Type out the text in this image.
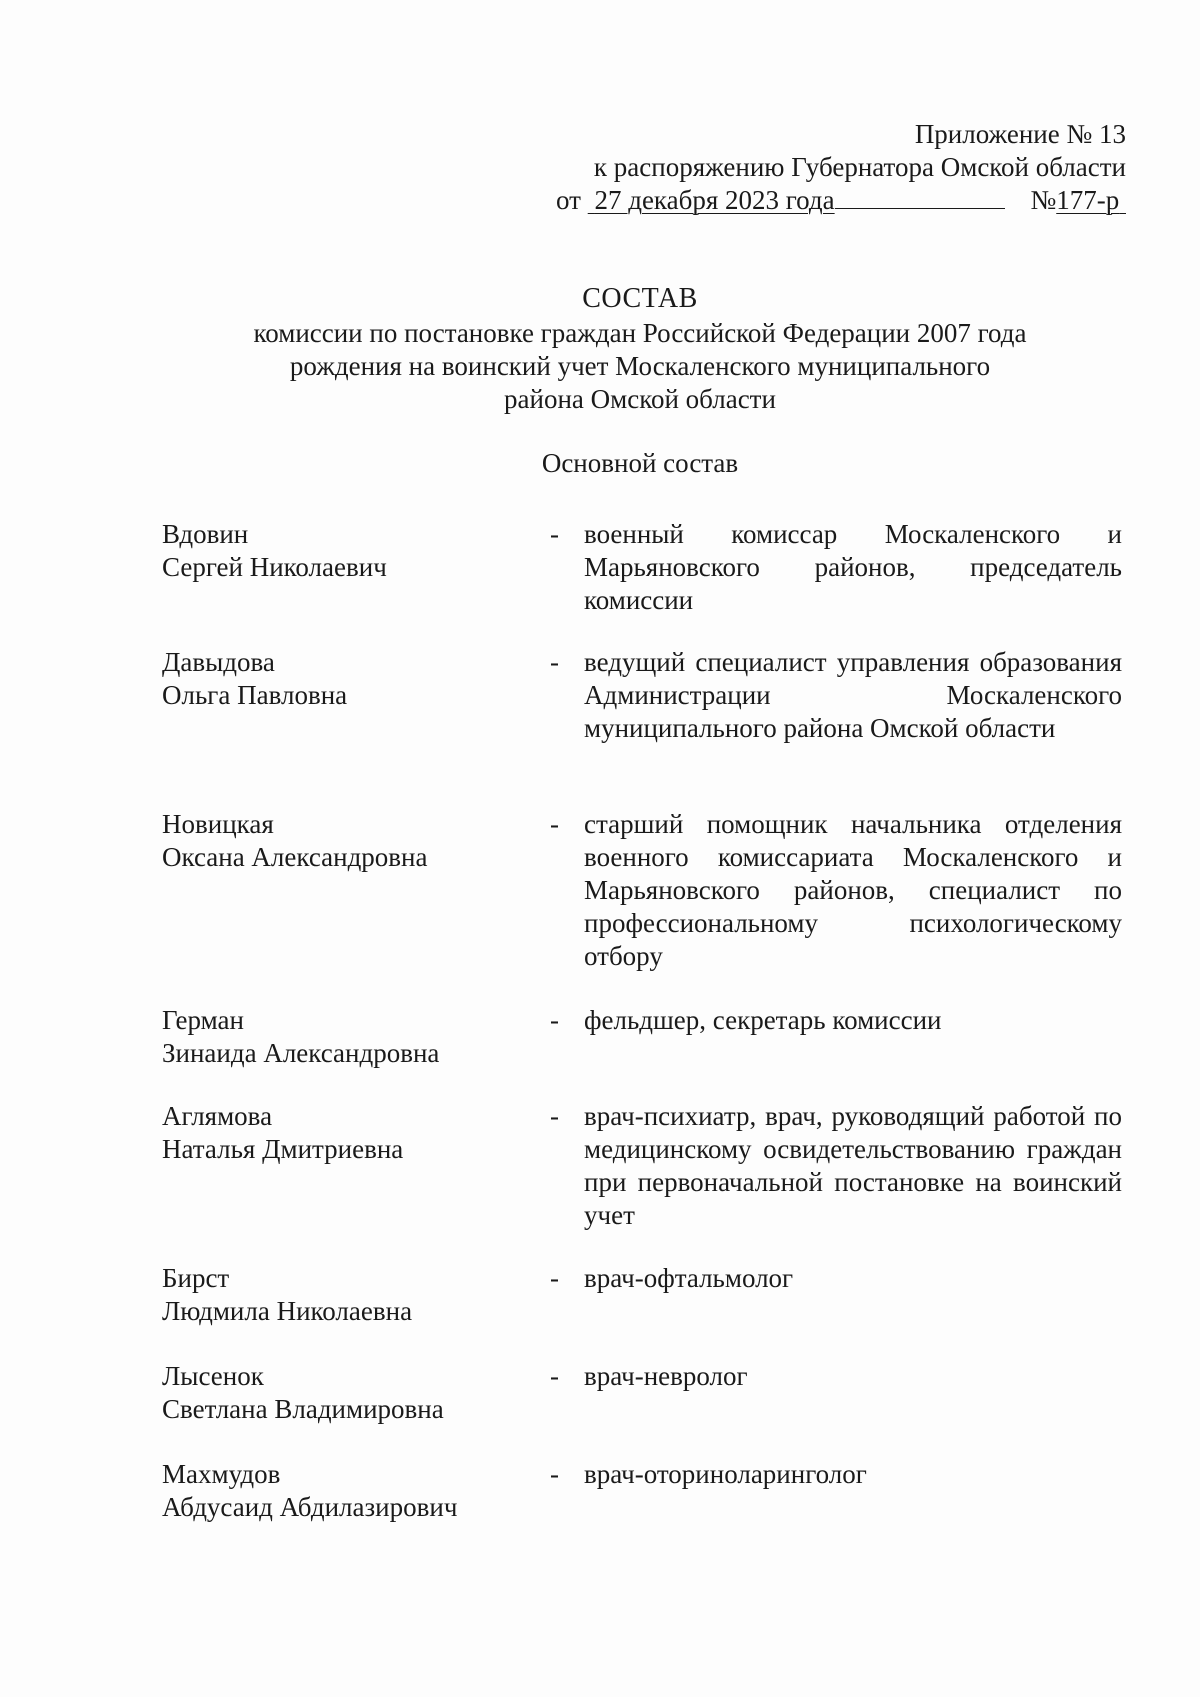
Приложение № 13
к распоряжению Губернатора Омской области
от 27 декабря 2023 года	№177-р
СОСТАВ
комиссии по постановке граждан Российской Федерации 2007 года
рождения на воинский учет Москаленского муниципального
района Омской области
Основной состав
Вдовин
Сергей Николаевич
- военный комиссар Москаленского и Марьяновского районов, председатель комиссии
Давыдова
Ольга Павловна
- ведущий специалист управления образования Администрации Москаленского муниципального района Омской области
Новицкая
Оксана Александровна
- старший помощник начальника отделения военного комиссариата Москаленского и Марьяновского районов, специалист по профессиональному психологическому отбору
Герман
Зинаида Александровна
- фельдшер, секретарь комиссии
Аглямова
Наталья Дмитриевна
- врач-психиатр, врач, руководящий работой по медицинскому освидетельствованию граждан при первоначальной постановке на воинский учет
Бирст
Людмила Николаевна
- врач-офтальмолог
Лысенок
Светлана Владимировна
- врач-невролог
Махмудов
Абдусаид Абдилазирович
- врач-оториноларинголог
